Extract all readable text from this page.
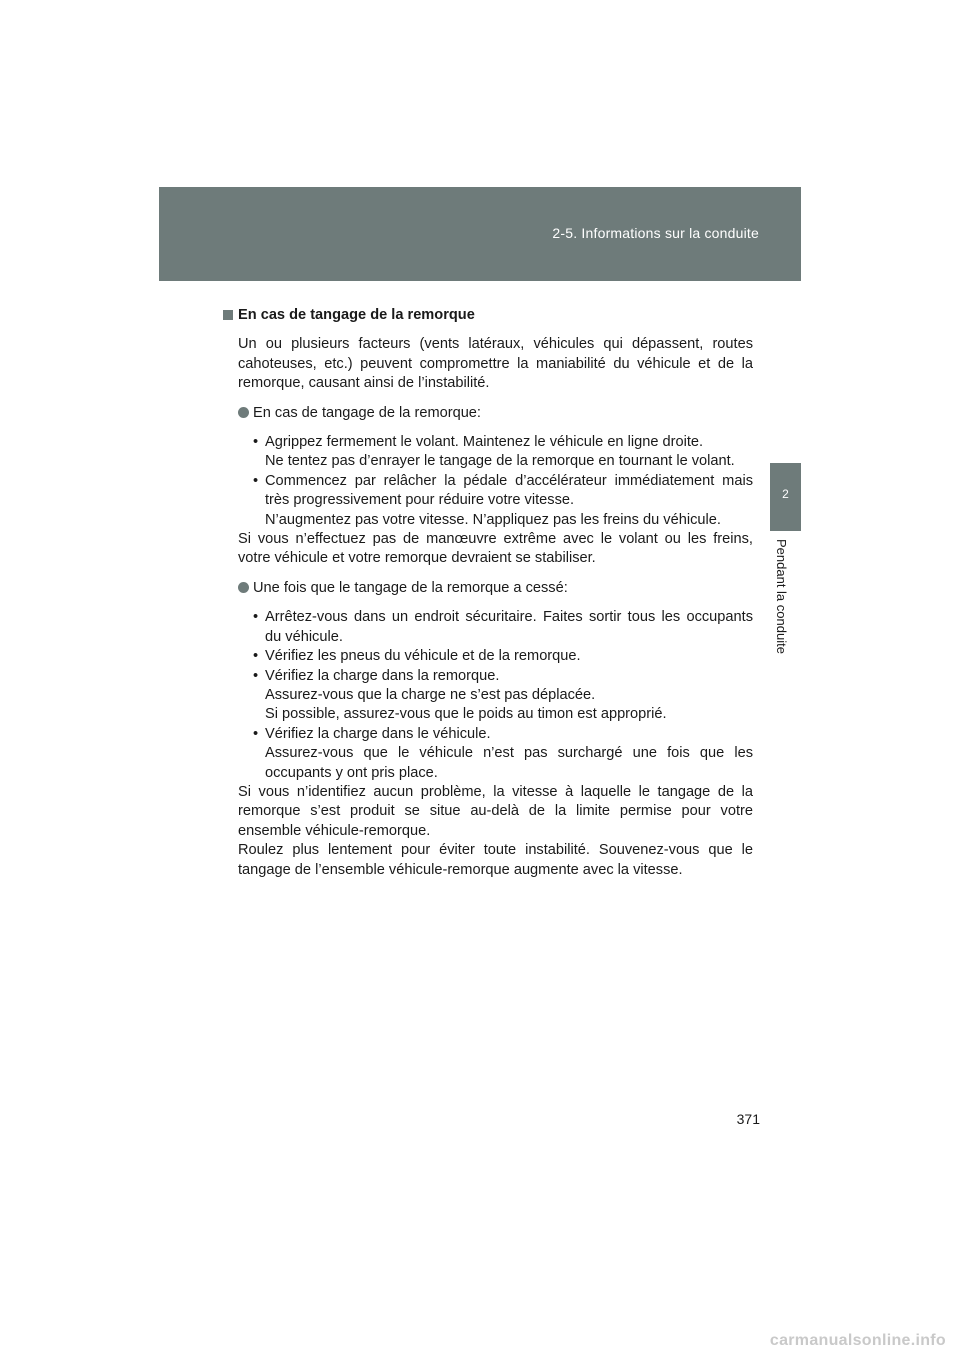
2-5. Informations sur la conduite
2
Pendant la conduite

En cas de tangage de la remorque

Un ou plusieurs facteurs (vents latéraux, véhicules qui dépassent, routes cahoteuses, etc.) peuvent compromettre la maniabilité du véhicule et de la remorque, causant ainsi de l’instabilité.

En cas de tangage de la remorque:

• Agrippez fermement le volant. Maintenez le véhicule en ligne droite.

Ne tentez pas d’enrayer le tangage de la remorque en tournant le volant.

• Commencez par relâcher la pédale d’accélérateur immédiatement mais très progressivement pour réduire votre vitesse.

N’augmentez pas votre vitesse. N’appliquez pas les freins du véhicule.

Si vous n’effectuez pas de manœuvre extrême avec le volant ou les freins, votre véhicule et votre remorque devraient se stabiliser.

Une fois que le tangage de la remorque a cessé:

• Arrêtez-vous dans un endroit sécuritaire. Faites sortir tous les occupants du véhicule.

• Vérifiez les pneus du véhicule et de la remorque.

• Vérifiez la charge dans la remorque.

Assurez-vous que la charge ne s’est pas déplacée.

Si possible, assurez-vous que le poids au timon est approprié.

• Vérifiez la charge dans le véhicule.

Assurez-vous que le véhicule n’est pas surchargé une fois que les occupants y ont pris place.

Si vous n’identifiez aucun problème, la vitesse à laquelle le tangage de la remorque s’est produit se situe au-delà de la limite permise pour votre ensemble véhicule-remorque.

Roulez plus lentement pour éviter toute instabilité. Souvenez-vous que le tangage de l’ensemble véhicule-remorque augmente avec la vitesse.

371
carmanualsonline.info
